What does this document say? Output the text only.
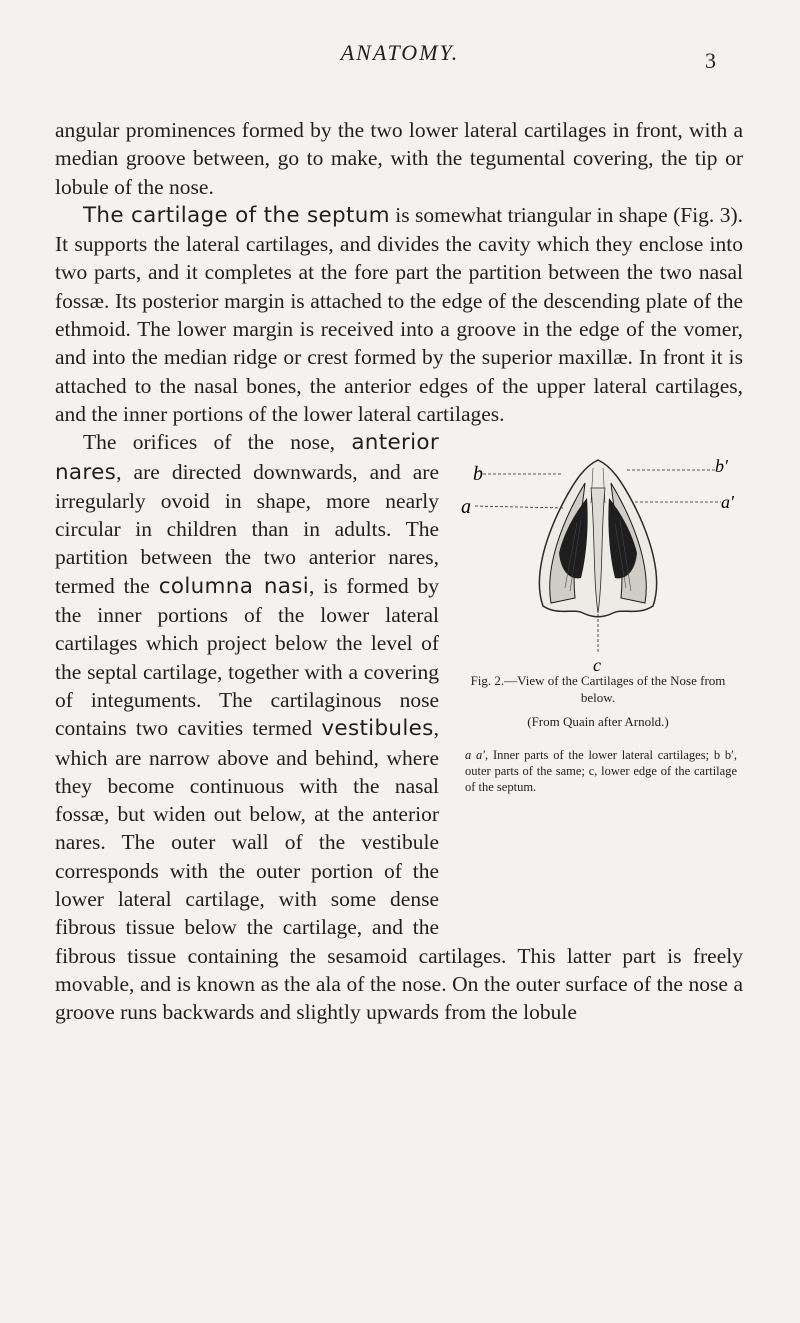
ANATOMY.	3

angular prominences formed by the two lower lateral cartilages in front, with a median groove between, go to make, with the tegumental covering, the tip or lobule of the nose.

The cartilage of the septum is somewhat triangular in shape (Fig. 3). It supports the lateral cartilages, and divides the cavity which they enclose into two parts, and it completes at the fore part the partition between the two nasal fossæ. Its posterior margin is attached to the edge of the descending plate of the ethmoid. The lower margin is received into a groove in the edge of the vomer, and into the median ridge or crest formed by the superior maxillæ. In front it is attached to the nasal bones, the anterior edges of the upper lateral cartilages, and the inner portions of the lower lateral cartilages.

b	b′
a	a′
c
Fig. 2.—View of the Cartilages of the Nose from below.
(From Quain after Arnold.)
a a′, Inner parts of the lower lateral cartilages; b b′, outer parts of the same; c, lower edge of the cartilage of the septum.

The orifices of the nose, anterior nares, are directed downwards, and are irregularly ovoid in shape, more nearly circular in children than in adults. The partition between the two anterior nares, termed the columna nasi, is formed by the inner portions of the lower lateral cartilages which project below the level of the septal cartilage, together with a covering of integuments. The cartilaginous nose contains two cavities termed vestibules, which are narrow above and behind, where they become continuous with the nasal fossæ, but widen out below, at the anterior nares. The outer wall of the vestibule corresponds with the outer portion of the lower lateral cartilage, with some dense fibrous tissue below the cartilage, and the fibrous tissue containing the sesamoid cartilages. This latter part is freely movable, and is known as the ala of the nose. On the outer surface of the nose a groove runs backwards and slightly upwards from the lobule
